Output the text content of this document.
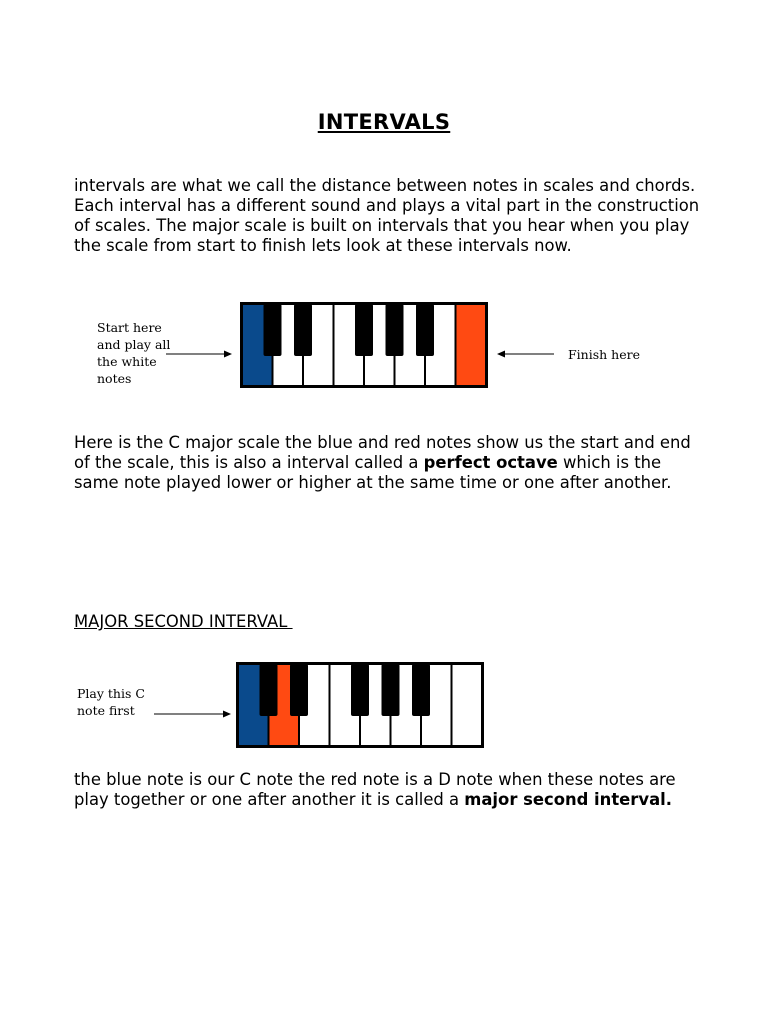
INTERVALS

intervals are what we call the distance between notes in scales and chords. Each interval has a different sound and plays a vital part in the construction of scales. The major scale is built on intervals that you hear when you play the scale from start to finish lets look at these intervals now.

Start here and play all the white notes

Finish here

Here is the C major scale the blue and red notes show us the start and end of the scale, this is also a interval called a perfect octave which is the same note played lower or higher at the same time or one after another.

MAJOR SECOND INTERVAL

Play this C note first

the blue note is our C note the red note is a D note when these notes are play together or one after another it is called a major second interval.
